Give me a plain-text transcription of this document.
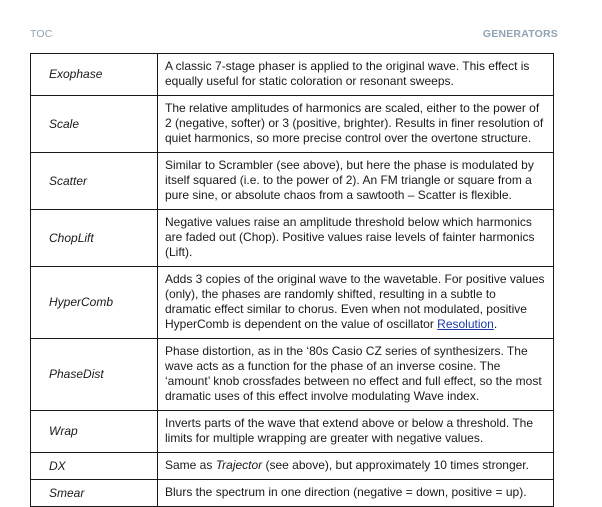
TOC	GENERATORS
Exophase	A classic 7-stage phaser is applied to the original wave. This effect is equally useful for static coloration or resonant sweeps.
Scale	The relative amplitudes of harmonics are scaled, either to the power of 2 (negative, softer) or 3 (positive, brighter). Results in finer resolution of quiet harmonics, so more precise control over the overtone structure.
Scatter	Similar to Scrambler (see above), but here the phase is modulated by itself squared (i.e. to the power of 2). An FM triangle or square from a pure sine, or absolute chaos from a sawtooth – Scatter is flexible.
ChopLift	Negative values raise an amplitude threshold below which harmonics are faded out (Chop). Positive values raise levels of fainter harmonics (Lift).
HyperComb	Adds 3 copies of the original wave to the wavetable. For positive values (only), the phases are randomly shifted, resulting in a subtle to dramatic effect similar to chorus. Even when not modulated, positive HyperComb is dependent on the value of oscillator Resolution.
PhaseDist	Phase distortion, as in the ‘80s Casio CZ series of synthesizers. The wave acts as a function for the phase of an inverse cosine. The ‘amount’ knob crossfades between no effect and full effect, so the most dramatic uses of this effect involve modulating Wave index.
Wrap	Inverts parts of the wave that extend above or below a threshold. The limits for multiple wrapping are greater with negative values.
DX	Same as Trajector (see above), but approximately 10 times stronger.
Smear	Blurs the spectrum in one direction (negative = down, positive = up).
